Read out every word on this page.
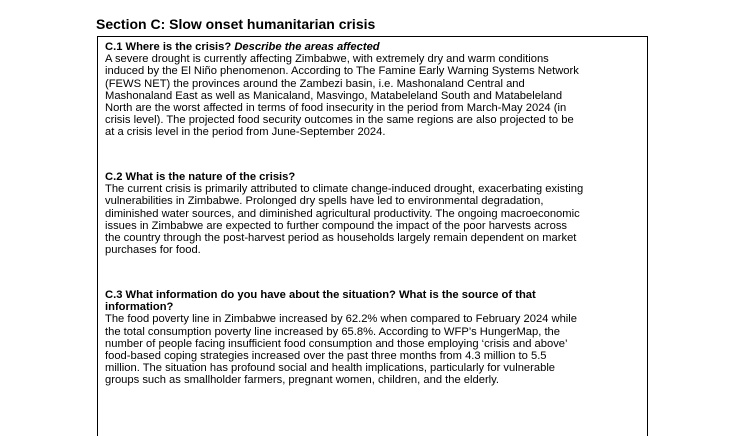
Section C: Slow onset humanitarian crisis

C.1 Where is the crisis? Describe the areas affected

A severe drought is currently affecting Zimbabwe, with extremely dry and warm conditions

induced by the El Niño phenomenon. According to The Famine Early Warning Systems Network

(FEWS NET) the provinces around the Zambezi basin, i.e. Mashonaland Central and

Mashonaland East as well as Manicaland, Masvingo, Matabeleland South and Matabeleland

North are the worst affected in terms of food insecurity in the period from March-May 2024 (in

crisis level). The projected food security outcomes in the same regions are also projected to be

at a crisis level in the period from June-September 2024.

C.2 What is the nature of the crisis?

The current crisis is primarily attributed to climate change-induced drought, exacerbating existing

vulnerabilities in Zimbabwe. Prolonged dry spells have led to environmental degradation,

diminished water sources, and diminished agricultural productivity. The ongoing macroeconomic

issues in Zimbabwe are expected to further compound the impact of the poor harvests across

the country through the post-harvest period as households largely remain dependent on market

purchases for food.

C.3 What information do you have about the situation? What is the source of that

information?

The food poverty line in Zimbabwe increased by 62.2% when compared to February 2024 while

the total consumption poverty line increased by 65.8%. According to WFP’s HungerMap, the

number of people facing insufficient food consumption and those employing ‘crisis and above’

food-based coping strategies increased over the past three months from 4.3 million to 5.5

million. The situation has profound social and health implications, particularly for vulnerable

groups such as smallholder farmers, pregnant women, children, and the elderly.
